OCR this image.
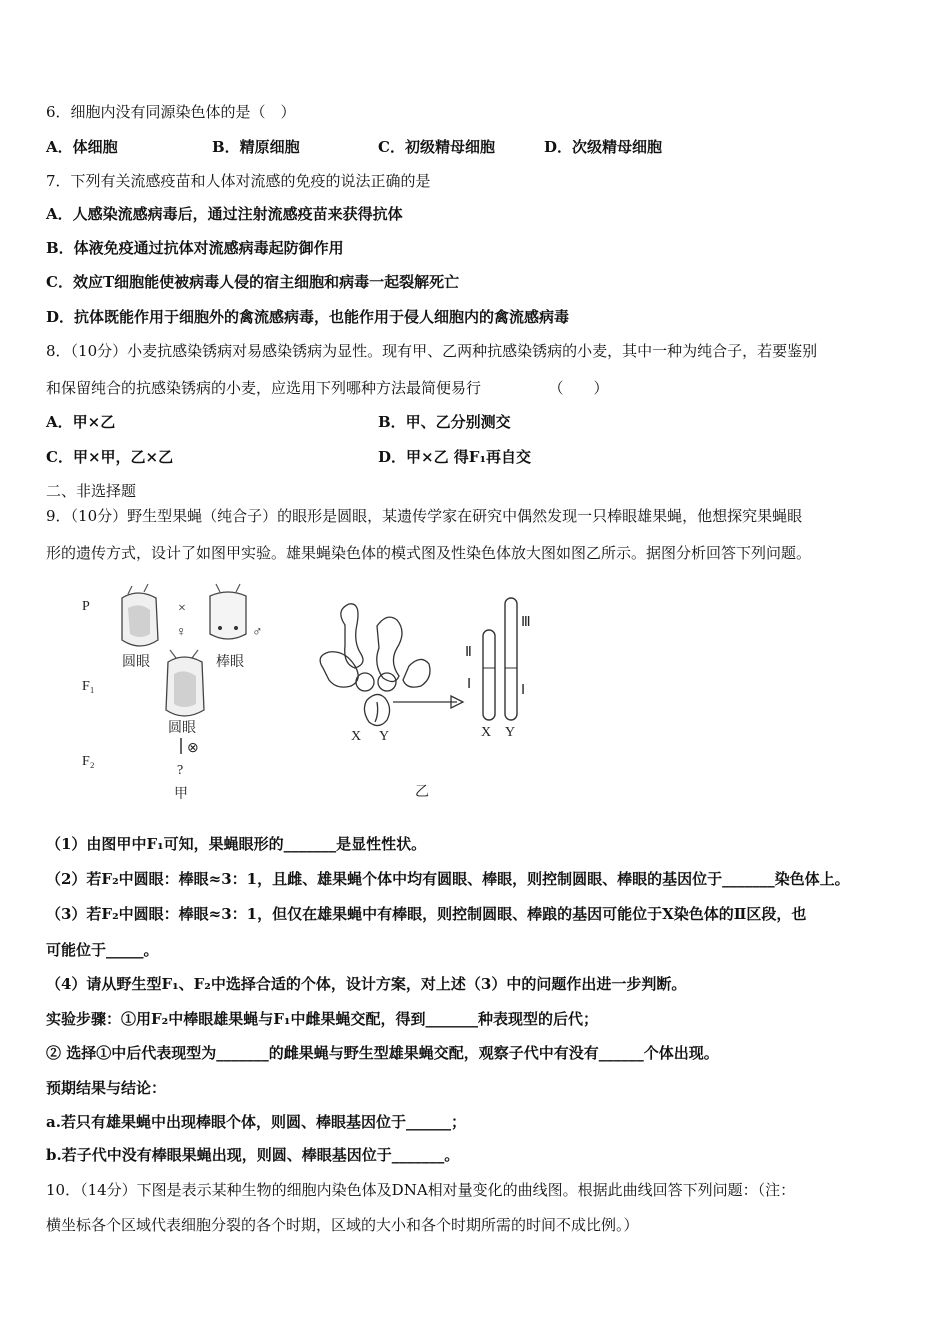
6．细胞内没有同源染色体的是（　）
A．体细胞	B．精原细胞	C．初级精母细胞	D．次级精母细胞
7．下列有关流感疫苗和人体对流感的免疫的说法正确的是
A．人感染流感病毒后，通过注射流感疫苗来获得抗体
B．体液免疫通过抗体对流感病毒起防御作用
C．效应T细胞能使被病毒人侵的宿主细胞和病毒一起裂解死亡
D．抗体既能作用于细胞外的禽流感病毒，也能作用于侵人细胞内的禽流感病毒
8．（10分）小麦抗感染锈病对易感染锈病为显性。现有甲、乙两种抗感染锈病的小麦，其中一种为纯合子，若要鉴别
和保留纯合的抗感染锈病的小麦，应选用下列哪种方法最简便易行　　　　　（　　）
A．甲×乙	B．甲、乙分别测交
C．甲×甲，乙×乙	D．甲×乙 得F₁再自交
二、非选择题
9．（10分）野生型果蝇（纯合子）的眼形是圆眼，某遗传学家在研究中偶然发现一只棒眼雄果蝇，他想探究果蝇眼
形的遗传方式，设计了如图甲实验。雄果蝇染色体的模式图及性染色体放大图如图乙所示。据图分析回答下列问题。
P
F₁
F₂
×
♀	♂
圆眼	棒眼
圆眼
⊗
?
甲
X Y
Ⅱ
Ⅰ
Ⅲ
Ⅰ
X Y
乙
（1）由图甲中F₁可知，果蝇眼形的_______是显性性状。
（2）若F₂中圆眼：棒眼≈3：1，且雌、雄果蝇个体中均有圆眼、棒眼，则控制圆眼、棒眼的基因位于_______染色体上。
（3）若F₂中圆眼：棒眼≈3：1，但仅在雄果蝇中有棒眼，则控制圆眼、棒踉的基因可能位于X染色体的Ⅱ区段，也
可能位于_____。
（4）请从野生型F₁、F₂中选择合适的个体，设计方案，对上述（3）中的问题作出进一步判断。
实验步骤：①用F₂中棒眼雄果蝇与F₁中雌果蝇交配，得到_______种表现型的后代；
② 选择①中后代表现型为_______的雌果蝇与野生型雄果蝇交配，观察子代中有没有______个体出现。
预期结果与结论：
a.若只有雄果蝇中出现棒眼个体，则圆、棒眼基因位于______；
b.若子代中没有棒眼果蝇出现，则圆、棒眼基因位于_______。
10．（14分）下图是表示某种生物的细胞内染色体及DNA相对量变化的曲线图。根据此曲线回答下列问题：（注：
横坐标各个区域代表细胞分裂的各个时期，区域的大小和各个时期所需的时间不成比例。）
